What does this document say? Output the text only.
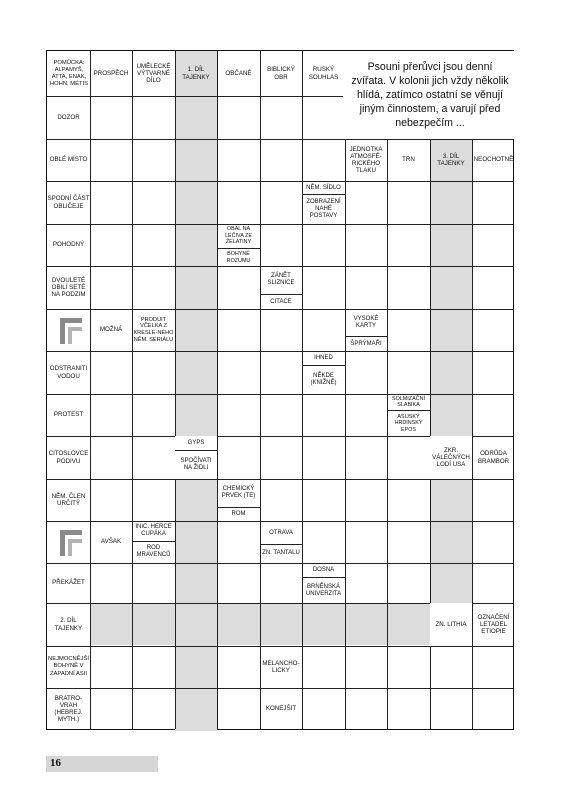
Psouni přerůvci jsou denní zvířata. V kolonii jich vždy několik hlídá, zatímco ostatní se věnují jiným činnostem, a varují před nebezpečím ...
POMŮCKA: ALPAMYŠ, ATTA, ENAK, HOHN, MÉTIS
PROSPĚCH
UMĚLECKÉ VÝTVARNÉ DÍLO
1. DÍL TAJENKY
OBČANÉ
BIBLICKÝ OBR
RUSKÝ SOUHLAS
DOZOR
OBLÉ MÍSTO
JEDNOTKA ATMOSFÉ-RICKÉHO TLAKU
TRN
3. DÍL TAJENKY
NEOCHOTNĚ
SPODNÍ ČÁST OBLIČEJE
NĚM. SÍDLO
ZOBRAZENÍ NAHÉ POSTAVY
POHODNÝ
OBAL NA LÉČIVA ZE ŽELATINY
BOHYNĚ ROZUMU
DVOULETÉ OBILÍ SETÉ NA PODZIM
ZÁNĚT SLIZNICE
CITACE
MOŽNÁ
PRODUIT VČELKA Z KRESLE-NÉHO NĚM. SERIÁLU
VYSOKÉ KARTY
ŠPRÝMAŘI
ODSTRANITI VODOU
IHNED
NĚKDE (KNIŽNĚ)
PROTEST
SOLMIZAČNÍ SLABIKA
ASIJSKÝ HRDINSKÝ EPOS
CITOSLOVCE PODIVU
GYPS
SPOČÍVATI NA ŽIDLI
ZKR. VÁLEČNÝCH LODÍ USA
ODRŮDA BRAMBOR
NĚM. ČLEN URČITÝ
CHEMICKÝ PRVEK (TE)
ROM
AVŠAK
INIC. HERCE CUPÁKA
ROD MRAVENCŮ
OTRAVA
ZN. TANTALU
PŘEKÁŽET
DOSNA
BRNĚNSKÁ UNIVERZITA
2. DÍL TAJENKY
ZN. LITHIA
OZNAČENÍ LETADEL ETIOPIE
NEJMOCNĚJŠÍ BOHYNĚ V ZÁPADNÍ ASII
MELANCHO-LICKY
BRATRO-VRAH (HEBREJ. MYTH.)
KONEJŠIT
16
